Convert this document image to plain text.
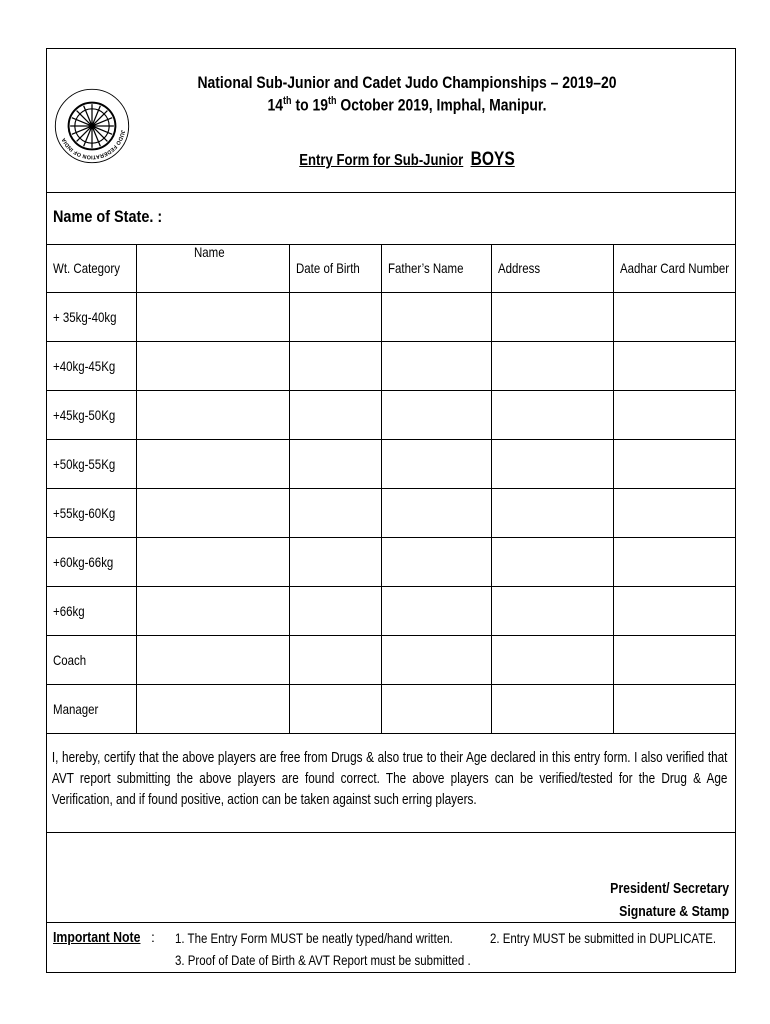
JUDO FEDERATION OF INDIA
National Sub-Junior and Cadet Judo Championships – 2019–20
14th to 19th October 2019, Imphal, Manipur.
Entry Form for Sub-Junior BOYS
Name of State. :
Wt. Category	Name	Date of Birth	Father’s Name	Address	Aadhar Card Number
+ 35kg-40kg					
+40kg-45Kg					
+45kg-50Kg					
+50kg-55Kg					
+55kg-60Kg					
+60kg-66kg					
+66kg					
Coach					
Manager					

I, hereby, certify that the above players are free from Drugs & also true to their Age declared in this entry form. I also verified that AVT report submitting the above players are found correct. The above players can be verified/tested for the Drug & Age Verification, and if found positive, action can be taken against such erring players.

President/ Secretary
Signature & Stamp
Important Note : 1. The Entry Form MUST be neatly typed/hand written.	2. Entry MUST be submitted in DUPLICATE.
3. Proof of Date of Birth & AVT Report must be submitted .
